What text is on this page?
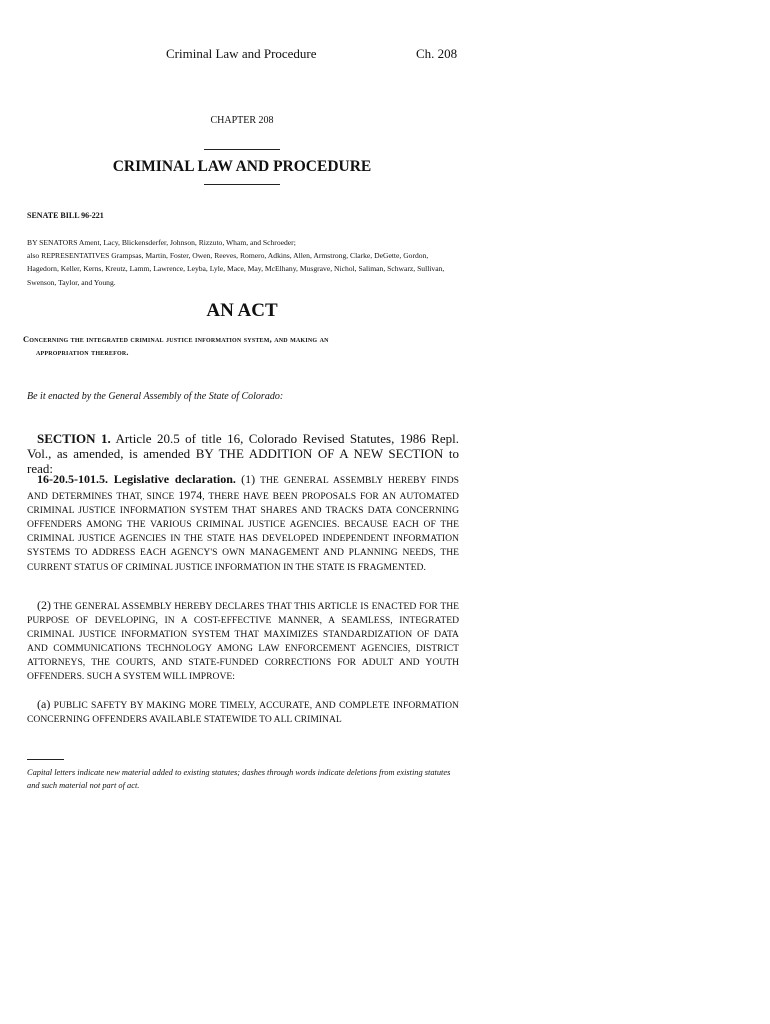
Criminal Law and Procedure	Ch. 208
CHAPTER 208
CRIMINAL LAW AND PROCEDURE
SENATE BILL 96-221
BY SENATORS Ament, Lacy, Blickensderfer, Johnson, Rizzuto, Wham, and Schroeder;
also REPRESENTATIVES Grampsas, Martin, Foster, Owen, Reeves, Romero, Adkins, Allen, Armstrong, Clarke, DeGette, Gordon, Hagedorn, Keller, Kerns, Kreutz, Lamm, Lawrence, Leyba, Lyle, Mace, May, McElhany, Musgrave, Nichol, Saliman, Schwarz, Sullivan, Swenson, Taylor, and Young.
AN ACT
Concerning the integrated criminal justice information system, and making an
appropriation therefor.
Be it enacted by the General Assembly of the State of Colorado:
SECTION 1. Article 20.5 of title 16, Colorado Revised Statutes, 1986 Repl. Vol., as amended, is amended BY THE ADDITION OF A NEW SECTION to read:
16-20.5-101.5. Legislative declaration. (1) THE GENERAL ASSEMBLY HEREBY FINDS AND DETERMINES THAT, SINCE 1974, THERE HAVE BEEN PROPOSALS FOR AN AUTOMATED CRIMINAL JUSTICE INFORMATION SYSTEM THAT SHARES AND TRACKS DATA CONCERNING OFFENDERS AMONG THE VARIOUS CRIMINAL JUSTICE AGENCIES. BECAUSE EACH OF THE CRIMINAL JUSTICE AGENCIES IN THE STATE HAS DEVELOPED INDEPENDENT INFORMATION SYSTEMS TO ADDRESS EACH AGENCY'S OWN MANAGEMENT AND PLANNING NEEDS, THE CURRENT STATUS OF CRIMINAL JUSTICE INFORMATION IN THE STATE IS FRAGMENTED.
(2) THE GENERAL ASSEMBLY HEREBY DECLARES THAT THIS ARTICLE IS ENACTED FOR THE PURPOSE OF DEVELOPING, IN A COST-EFFECTIVE MANNER, A SEAMLESS, INTEGRATED CRIMINAL JUSTICE INFORMATION SYSTEM THAT MAXIMIZES STANDARDIZATION OF DATA AND COMMUNICATIONS TECHNOLOGY AMONG LAW ENFORCEMENT AGENCIES, DISTRICT ATTORNEYS, THE COURTS, AND STATE-FUNDED CORRECTIONS FOR ADULT AND YOUTH OFFENDERS. SUCH A SYSTEM WILL IMPROVE:
(a) PUBLIC SAFETY BY MAKING MORE TIMELY, ACCURATE, AND COMPLETE INFORMATION CONCERNING OFFENDERS AVAILABLE STATEWIDE TO ALL CRIMINAL
Capital letters indicate new material added to existing statutes; dashes through words indicate deletions from existing statutes and such material not part of act.
